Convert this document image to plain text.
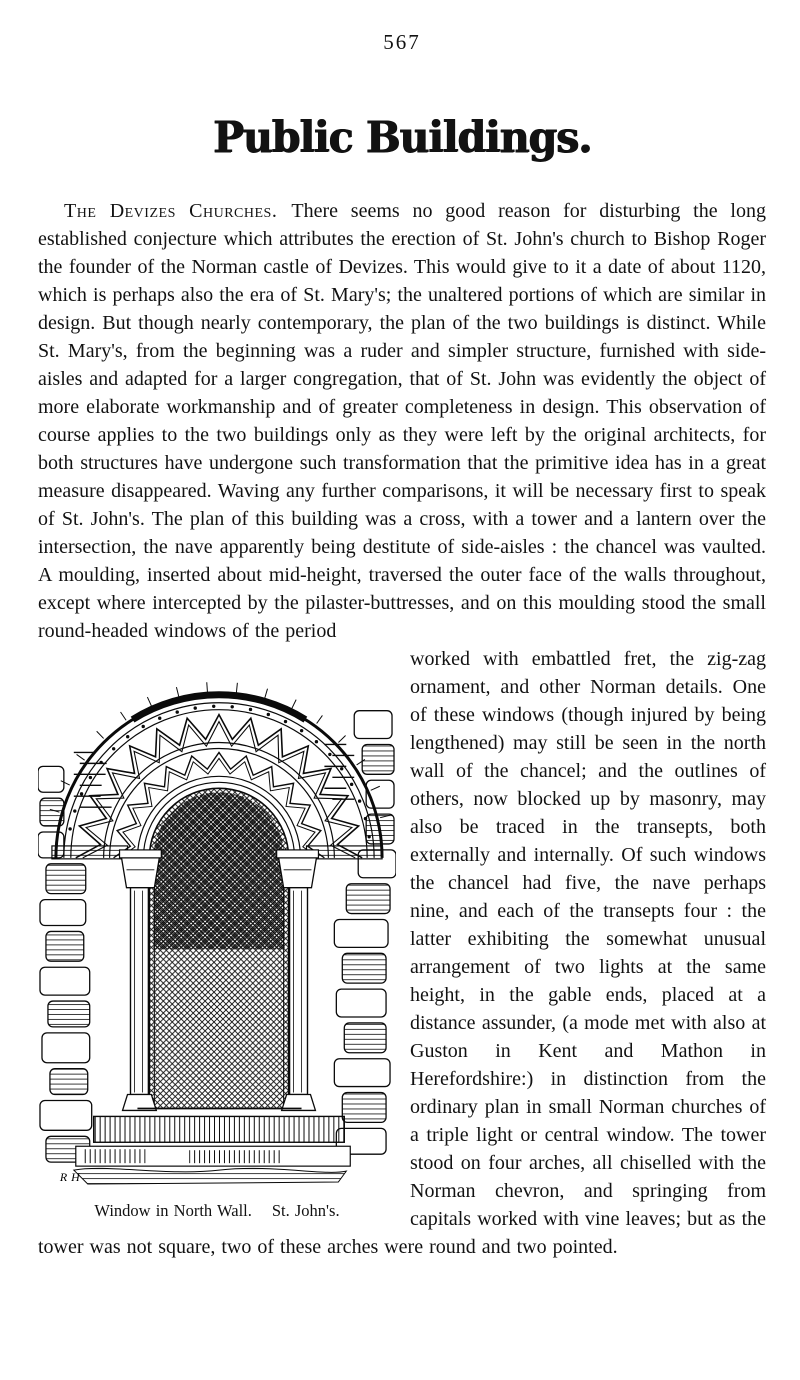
567
Public Buildings.

The Devizes Churches. There seems no good reason for disturbing the long established conjecture which attributes the erection of St. John's church to Bishop Roger the founder of the Norman castle of Devizes. This would give to it a date of about 1120, which is perhaps also the era of St. Mary's; the unaltered portions of which are similar in design. But though nearly contemporary, the plan of the two buildings is distinct. While St. Mary's, from the beginning was a ruder and simpler structure, furnished with side-aisles and adapted for a larger congregation, that of St. John was evidently the object of more elaborate workmanship and of greater completeness in design. This observation of course applies to the two buildings only as they were left by the original architects, for both structures have undergone such transformation that the primitive idea has in a great measure disappeared. Waving any further comparisons, it will be necessary first to speak of St. John's. The plan of this building was a cross, with a tower and a lantern over the intersection, the nave apparently being destitute of side-aisles : the chancel was vaulted. A moulding, inserted about mid-height, traversed the outer face of the walls throughout, except where intercepted by the pilaster-buttresses, and on this moulding stood the small round-headed windows of the period

R H
Window in North Wall. St. John's.

worked with embattled fret, the zig-zag ornament, and other Norman details. One of these windows (though injured by being lengthened) may still be seen in the north wall of the chancel; and the outlines of others, now blocked up by masonry, may also be traced in the transepts, both externally and internally. Of such windows the chancel had five, the nave perhaps nine, and each of the transepts four : the latter exhibiting the somewhat unusual arrangement of two lights at the same height, in the gable ends, placed at a distance assunder, (a mode met with also at Guston in Kent and Mathon in Herefordshire:) in distinction from the ordinary plan in small Norman churches of a triple light or central window. The tower stood on four arches, all chiselled with the Norman chevron, and springing from capitals worked with vine leaves; but as the tower was not square, two of these arches were round and two pointed.
